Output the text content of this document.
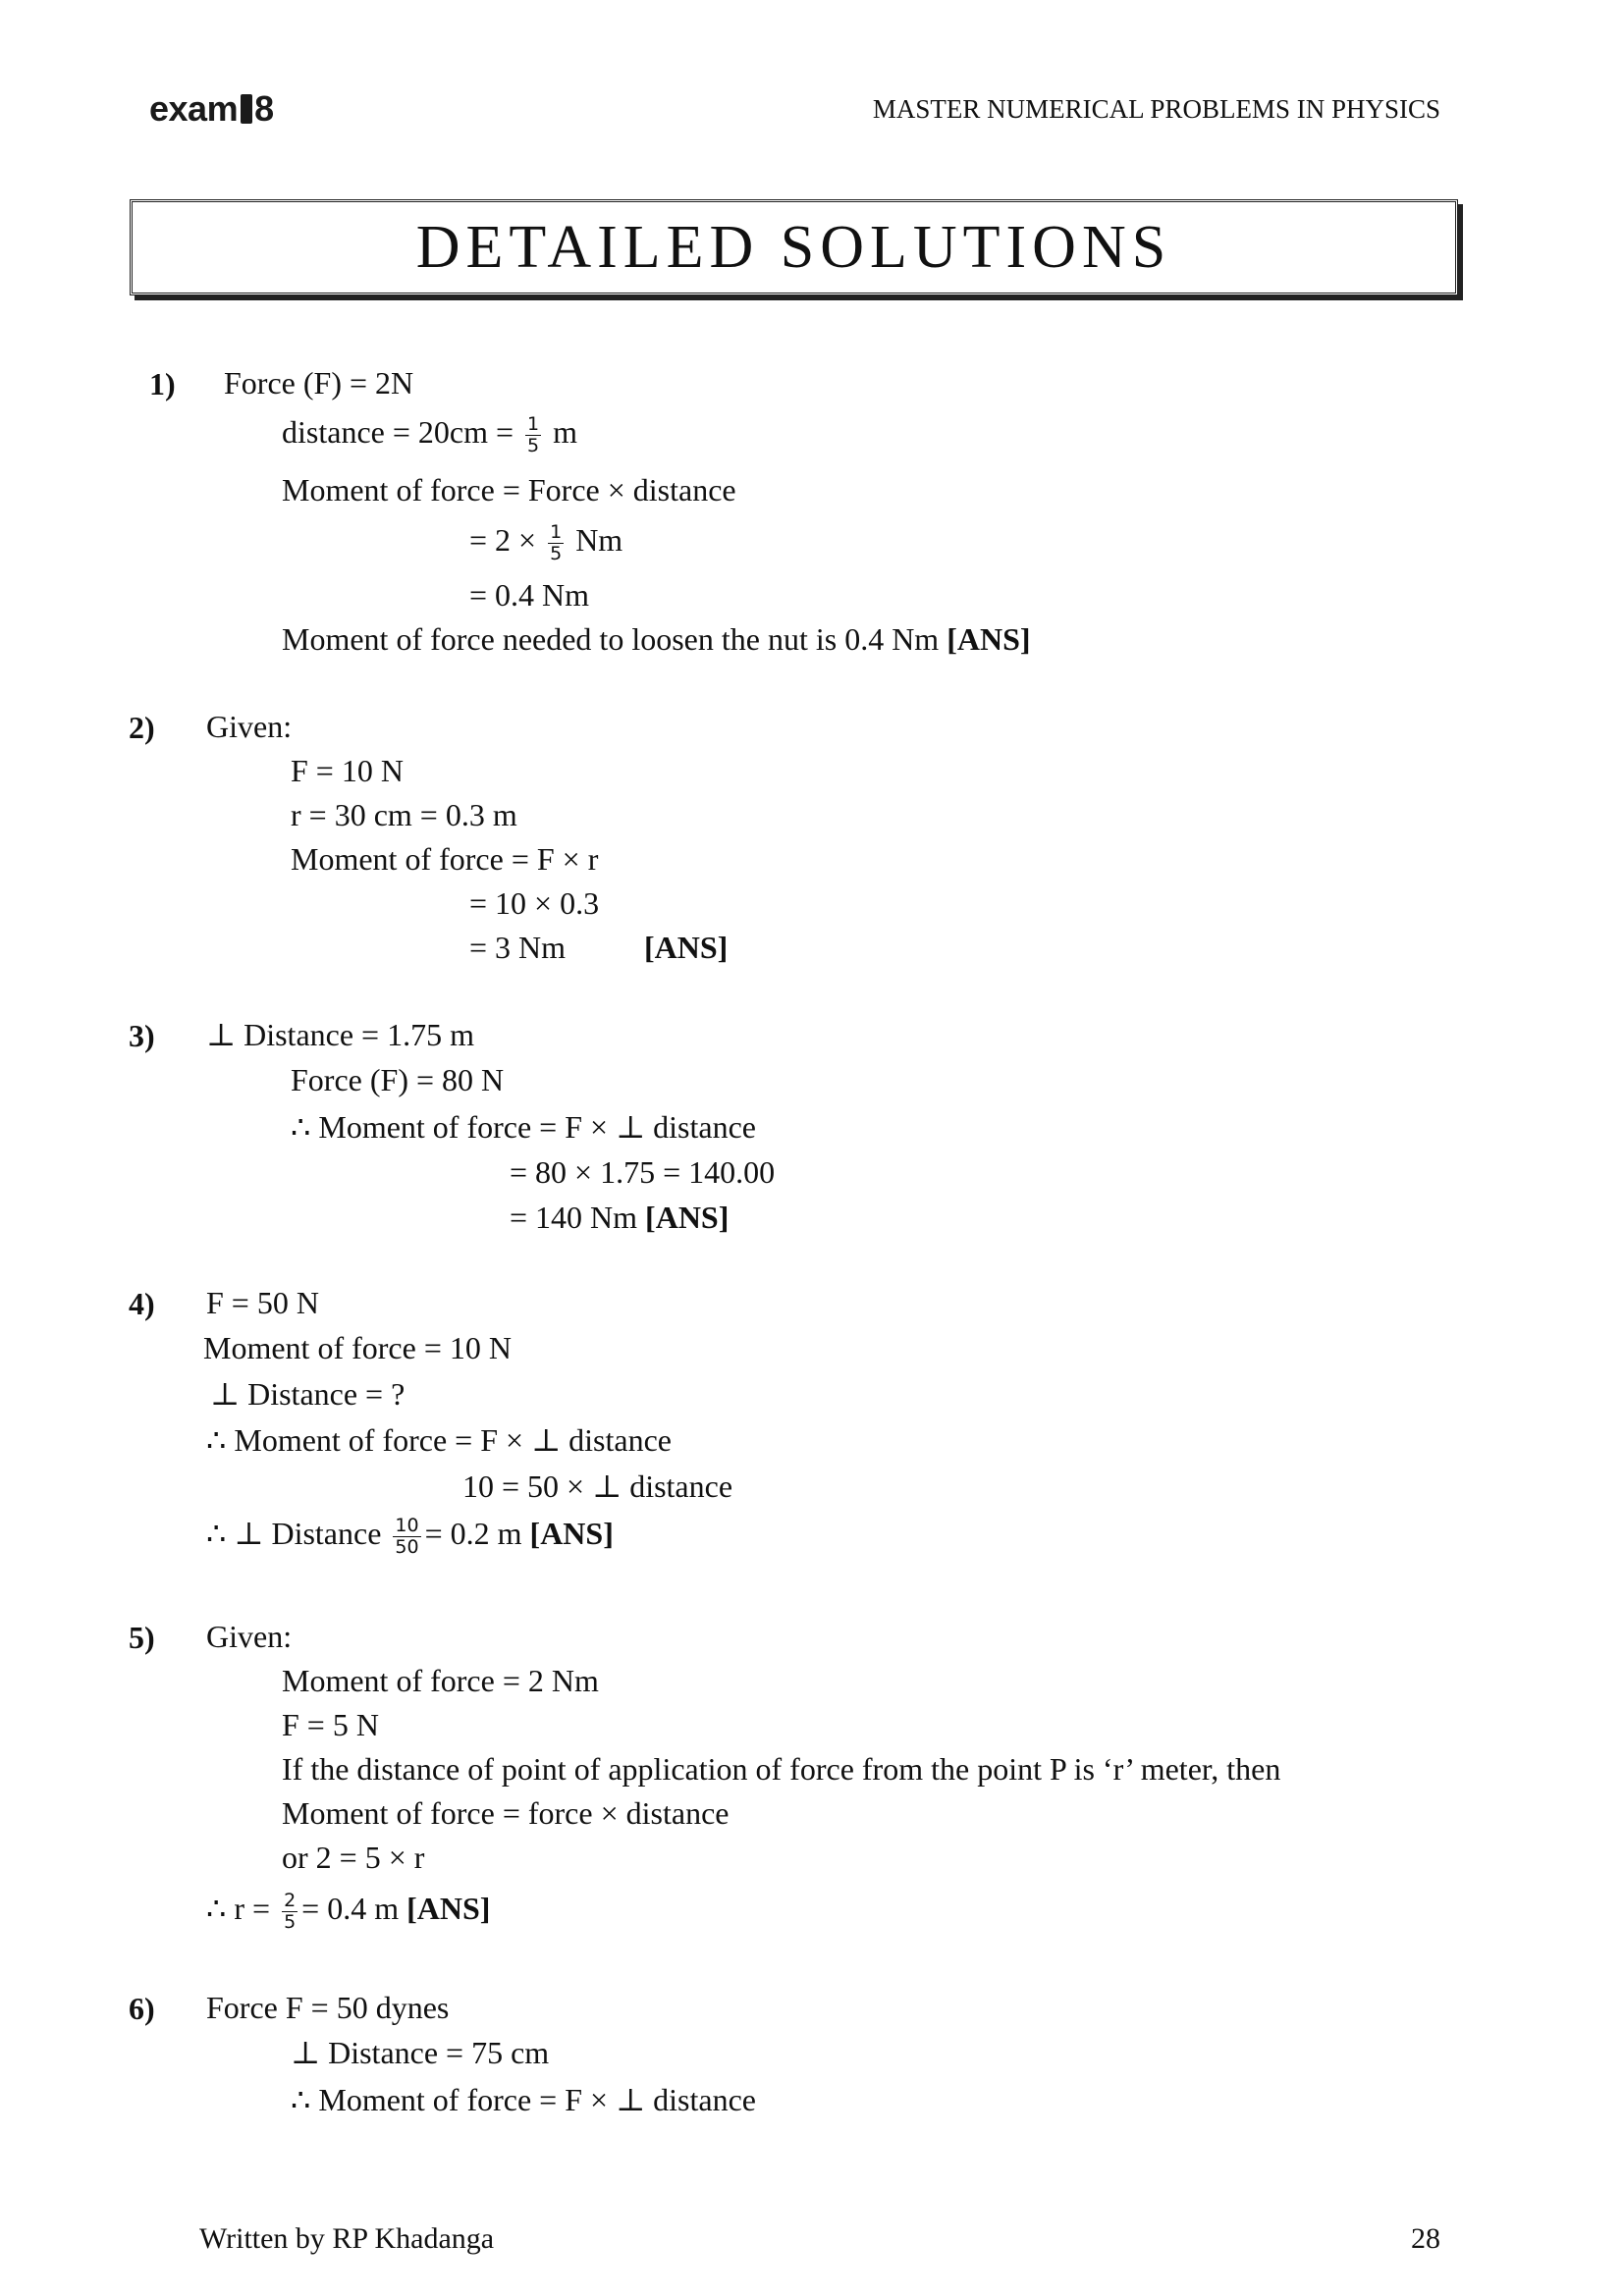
exam 8	MASTER NUMERICAL PROBLEMS IN PHYSICS
DETAILED SOLUTIONS
1) Force (F) = 2N
distance = $20cm = \frac{1}{5}$ m
Moment of force = Force × distance
= $2 \times \frac{1}{5}$ Nm
= 0.4 Nm
Moment of force needed to loosen the nut is 0.4 Nm [ANS]
2) Given:
F = 10 N
r = 30 cm = 0.3 m
Moment of force = F × r
= 10 × 0.3
= 3 Nm [ANS]
3) ⊥ Distance = 1.75 m
Force (F) = 80 N
∴ Moment of force = F × ⊥ distance
= 80 × 1.75 = 140.00
= 140 Nm [ANS]
4) F = 50 N
Moment of force = 10 N
⊥ Distance = ?
∴ Moment of force = F × ⊥ distance
10 = 50 × ⊥ distance
∴ ⊥ Distance $\frac{10}{50} = 0.2$ m [ANS]
5) Given:
Moment of force = 2 Nm
F = 5 N
If the distance of point of application of force from the point P is ‘r’ meter, then
Moment of force = force × distance
or 2 = 5 × r
∴ $r = \frac{2}{5} = 0.4$ m [ANS]
6) Force F = 50 dynes
⊥ Distance = 75 cm
∴ Moment of force = F × ⊥ distance
Written by RP Khadanga	28
